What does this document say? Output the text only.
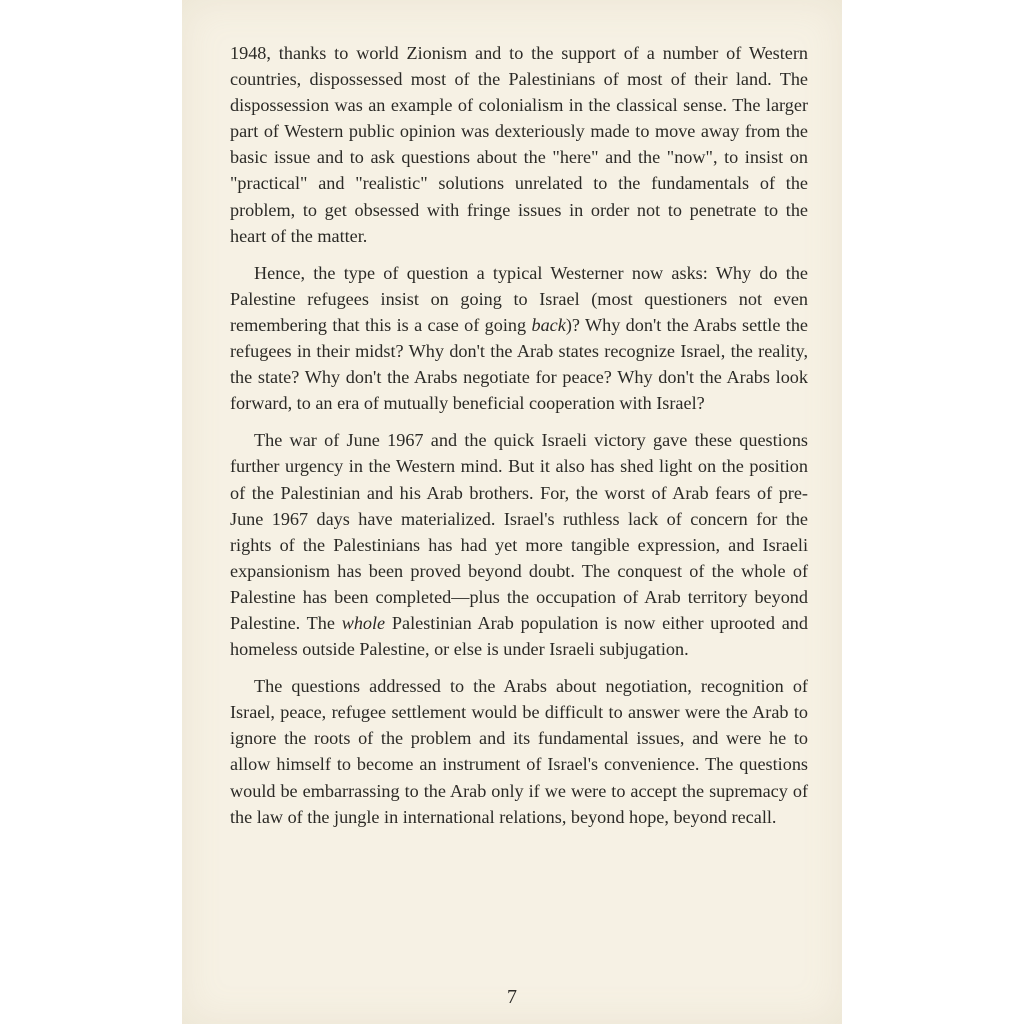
1948, thanks to world Zionism and to the support of a number of Western countries, dispossessed most of the Palestinians of most of their land. The dispossession was an example of colonialism in the classical sense. The larger part of Western public opinion was dexteriously made to move away from the basic issue and to ask questions about the "here" and the "now", to insist on "practical" and "realistic" solutions unrelated to the fundamentals of the problem, to get obsessed with fringe issues in order not to penetrate to the heart of the matter.

Hence, the type of question a typical Westerner now asks: Why do the Palestine refugees insist on going to Israel (most questioners not even remembering that this is a case of going back)? Why don't the Arabs settle the refugees in their midst? Why don't the Arab states recognize Israel, the reality, the state? Why don't the Arabs negotiate for peace? Why don't the Arabs look forward, to an era of mutually beneficial cooperation with Israel?

The war of June 1967 and the quick Israeli victory gave these questions further urgency in the Western mind. But it also has shed light on the position of the Palestinian and his Arab brothers. For, the worst of Arab fears of pre-June 1967 days have materialized. Israel's ruthless lack of concern for the rights of the Palestinians has had yet more tangible expression, and Israeli expansionism has been proved beyond doubt. The conquest of the whole of Palestine has been completed—plus the occupation of Arab territory beyond Palestine. The whole Palestinian Arab population is now either uprooted and homeless outside Palestine, or else is under Israeli subjugation.

The questions addressed to the Arabs about negotiation, recognition of Israel, peace, refugee settlement would be difficult to answer were the Arab to ignore the roots of the problem and its fundamental issues, and were he to allow himself to become an instrument of Israel's convenience. The questions would be embarrassing to the Arab only if we were to accept the supremacy of the law of the jungle in international relations, beyond hope, beyond recall.

7
